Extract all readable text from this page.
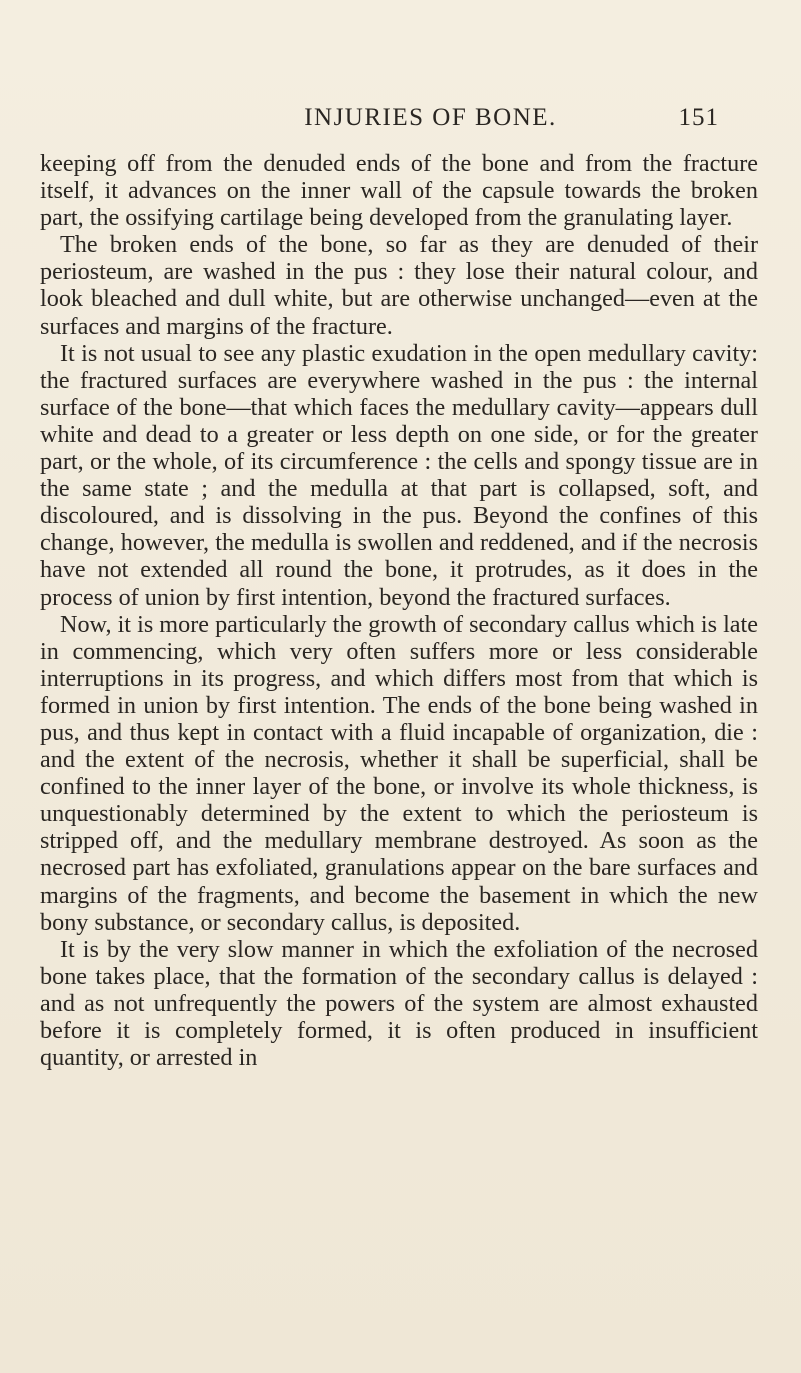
INJURIES OF BONE.	151

keeping off from the denuded ends of the bone and from the fracture itself, it advances on the inner wall of the capsule towards the broken part, the ossifying cartilage being developed from the granulating layer.

The broken ends of the bone, so far as they are denuded of their periosteum, are washed in the pus : they lose their natural colour, and look bleached and dull white, but are otherwise unchanged—even at the surfaces and margins of the fracture.

It is not usual to see any plastic exudation in the open medullary cavity: the fractured surfaces are everywhere washed in the pus : the internal surface of the bone—that which faces the medullary cavity—appears dull white and dead to a greater or less depth on one side, or for the greater part, or the whole, of its circumference : the cells and spongy tissue are in the same state ; and the medulla at that part is collapsed, soft, and discoloured, and is dissolving in the pus. Beyond the confines of this change, however, the medulla is swollen and reddened, and if the necrosis have not extended all round the bone, it protrudes, as it does in the process of union by first intention, beyond the fractured surfaces.

Now, it is more particularly the growth of secondary callus which is late in commencing, which very often suffers more or less considerable interruptions in its progress, and which differs most from that which is formed in union by first intention. The ends of the bone being washed in pus, and thus kept in contact with a fluid incapable of organization, die : and the extent of the necrosis, whether it shall be superficial, shall be confined to the inner layer of the bone, or involve its whole thickness, is unquestionably determined by the extent to which the periosteum is stripped off, and the medullary membrane destroyed. As soon as the necrosed part has exfoliated, granulations appear on the bare surfaces and margins of the fragments, and become the basement in which the new bony substance, or secondary callus, is deposited.

It is by the very slow manner in which the exfoliation of the necrosed bone takes place, that the formation of the secondary callus is delayed : and as not unfrequently the powers of the system are almost exhausted before it is completely formed, it is often produced in insufficient quantity, or arrested in
